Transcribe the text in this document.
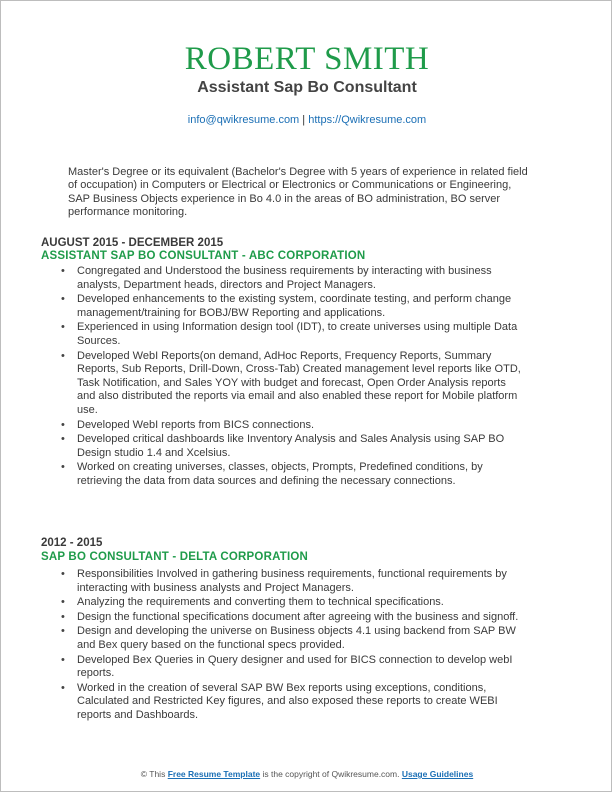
ROBERT SMITH
Assistant Sap Bo Consultant
info@qwikresume.com | https://Qwikresume.com
Master's Degree or its equivalent (Bachelor's Degree with 5 years of experience in related field of occupation) in Computers or Electrical or Electronics or Communications or Engineering, SAP Business Objects experience in Bo 4.0 in the areas of BO administration, BO server performance monitoring.
AUGUST 2015 - DECEMBER 2015
ASSISTANT SAP BO CONSULTANT - ABC CORPORATION
• Congregated and Understood the business requirements by interacting with business analysts, Department heads, directors and Project Managers.
• Developed enhancements to the existing system, coordinate testing, and perform change management/training for BOBJ/BW Reporting and applications.
• Experienced in using Information design tool (IDT), to create universes using multiple Data Sources.
• Developed WebI Reports(on demand, AdHoc Reports, Frequency Reports, Summary Reports, Sub Reports, Drill-Down, Cross-Tab) Created management level reports like OTD, Task Notification, and Sales YOY with budget and forecast, Open Order Analysis reports and also distributed the reports via email and also enabled these report for Mobile platform use.
• Developed WebI reports from BICS connections.
• Developed critical dashboards like Inventory Analysis and Sales Analysis using SAP BO Design studio 1.4 and Xcelsius.
• Worked on creating universes, classes, objects, Prompts, Predefined conditions, by retrieving the data from data sources and defining the necessary connections.
2012 - 2015
SAP BO CONSULTANT - DELTA CORPORATION
• Responsibilities Involved in gathering business requirements, functional requirements by interacting with business analysts and Project Managers.
• Analyzing the requirements and converting them to technical specifications.
• Design the functional specifications document after agreeing with the business and signoff.
• Design and developing the universe on Business objects 4.1 using backend from SAP BW and Bex query based on the functional specs provided.
• Developed Bex Queries in Query designer and used for BICS connection to develop webI reports.
• Worked in the creation of several SAP BW Bex reports using exceptions, conditions, Calculated and Restricted Key figures, and also exposed these reports to create WEBI reports and Dashboards.
© This Free Resume Template is the copyright of Qwikresume.com. Usage Guidelines
